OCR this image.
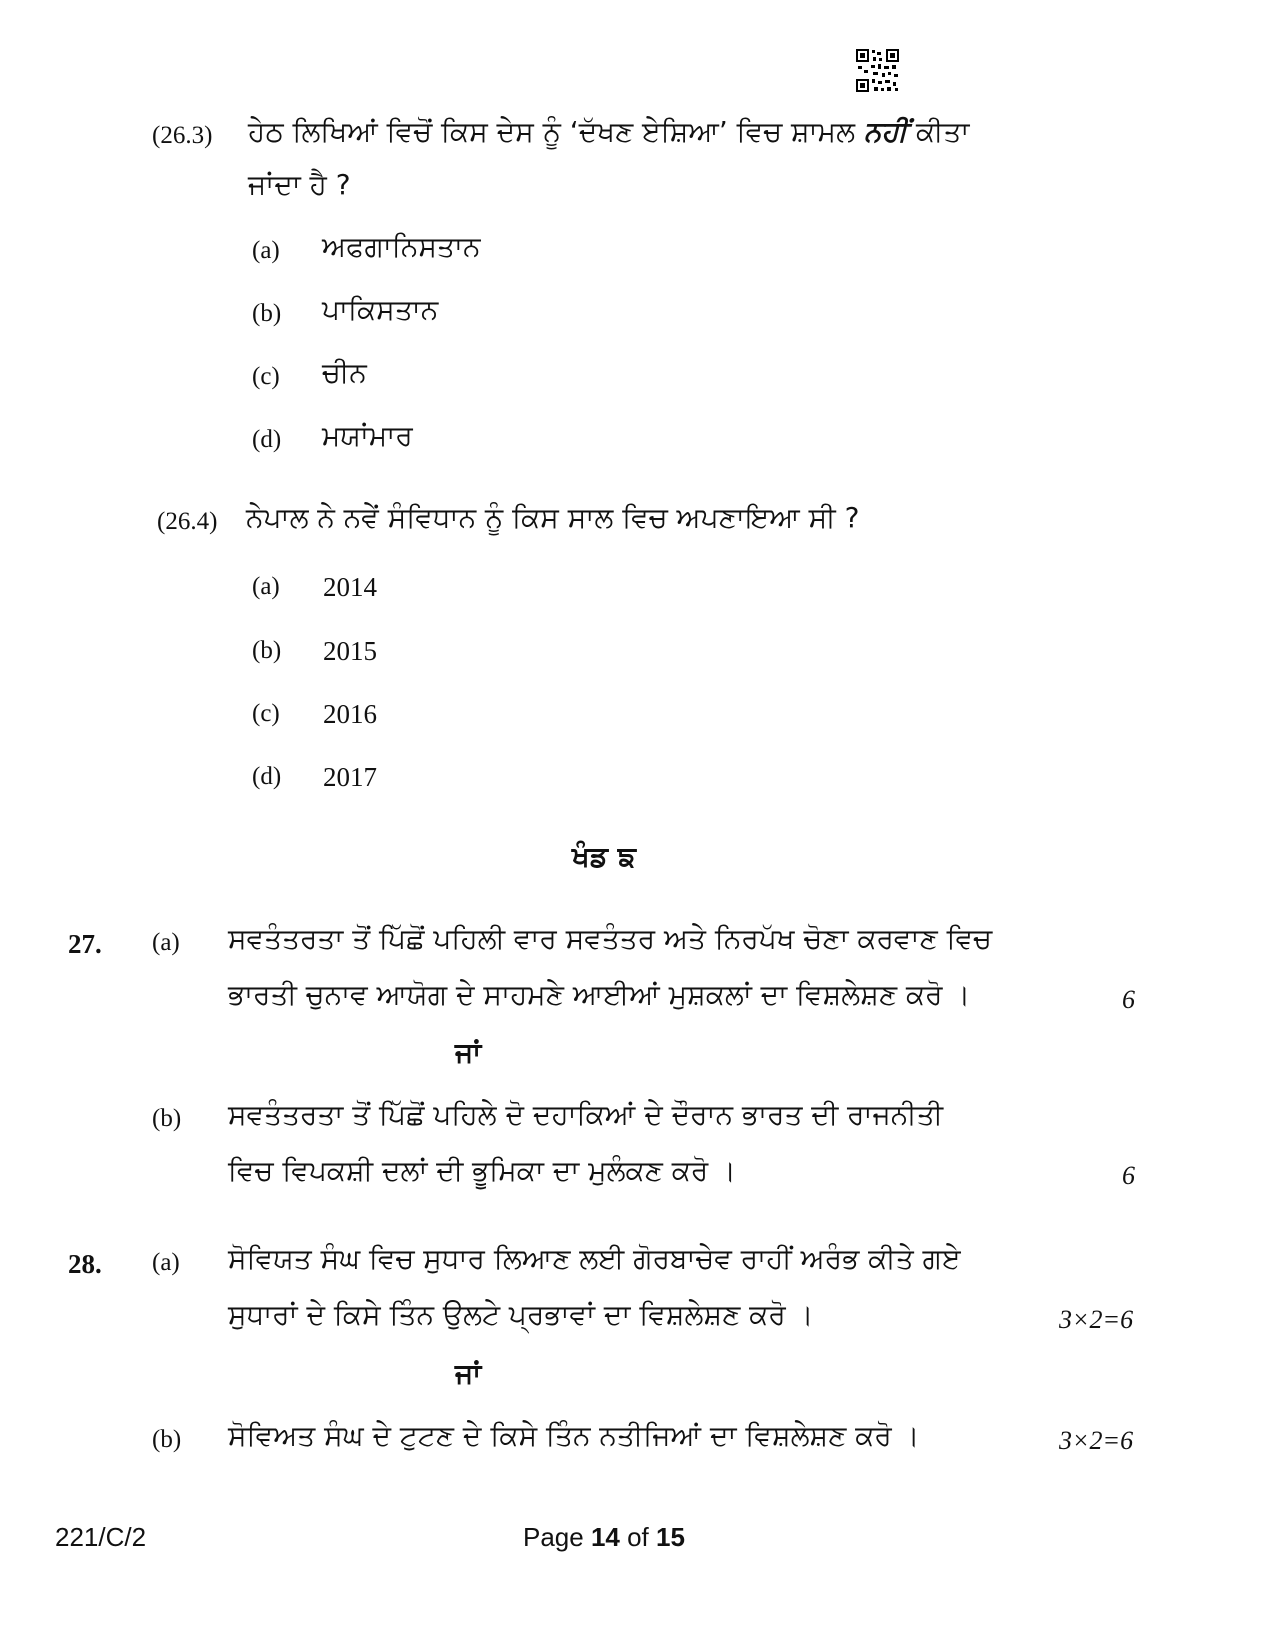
(26.3) ਹੇਠ ਲਿਖਿਆਂ ਵਿਚੋਂ ਕਿਸ ਦੇਸ ਨੂੰ ‘ਦੱਖਣ ਏਸ਼ਿਆ’ ਵਿਚ ਸ਼ਾਮਲ ਨਹੀਂ ਕੀਤਾ
ਜਾਂਦਾ ਹੈ ?
(a) ਅਫਗਾਨਿਸਤਾਨ
(b) ਪਾਕਿਸਤਾਨ
(c) ਚੀਨ
(d) ਮਯਾਂਮਾਰ
(26.4) ਨੇਪਾਲ ਨੇ ਨਵੇਂ ਸੰਵਿਧਾਨ ਨੂੰ ਕਿਸ ਸਾਲ ਵਿਚ ਅਪਣਾਇਆ ਸੀ ?
(a) 2014
(b) 2015
(c) 2016
(d) 2017
ਖੰਡ ਙ
27. (a) ਸਵਤੰਤਰਤਾ ਤੋਂ ਪਿੱਛੋਂ ਪਹਿਲੀ ਵਾਰ ਸਵਤੰਤਰ ਅਤੇ ਨਿਰਪੱਖ ਚੋਣਾ ਕਰਵਾਣ ਵਿਚ
ਭਾਰਤੀ ਚੁਨਾਵ ਆਯੋਗ ਦੇ ਸਾਹਮਣੇ ਆਈਆਂ ਮੁਸ਼ਕਲਾਂ ਦਾ ਵਿਸ਼ਲੇਸ਼ਣ ਕਰੋ ।	6
ਜਾਂ
(b) ਸਵਤੰਤਰਤਾ ਤੋਂ ਪਿੱਛੋਂ ਪਹਿਲੇ ਦੋ ਦਹਾਕਿਆਂ ਦੇ ਦੌਰਾਨ ਭਾਰਤ ਦੀ ਰਾਜਨੀਤੀ
ਵਿਚ ਵਿਪਕਸ਼ੀ ਦਲਾਂ ਦੀ ਭੂਮਿਕਾ ਦਾ ਮੁਲੰਕਣ ਕਰੋ ।	6
28. (a) ਸੋਵਿਯਤ ਸੰਘ ਵਿਚ ਸੁਧਾਰ ਲਿਆਣ ਲਈ ਗੋਰਬਾਚੇਵ ਰਾਹੀਂ ਅਰੰਭ ਕੀਤੇ ਗਏ
ਸੁਧਾਰਾਂ ਦੇ ਕਿਸੇ ਤਿੰਨ ਉਲਟੇ ਪ੍ਰਭਾਵਾਂ ਦਾ ਵਿਸ਼ਲੇਸ਼ਣ ਕਰੋ ।	3×2=6
ਜਾਂ
(b) ਸੋਵਿਅਤ ਸੰਘ ਦੇ ਟੁਟਣ ਦੇ ਕਿਸੇ ਤਿੰਨ ਨਤੀਜਿਆਂ ਦਾ ਵਿਸ਼ਲੇਸ਼ਣ ਕਰੋ ।	3×2=6
221/C/2	Page 14 of 15
